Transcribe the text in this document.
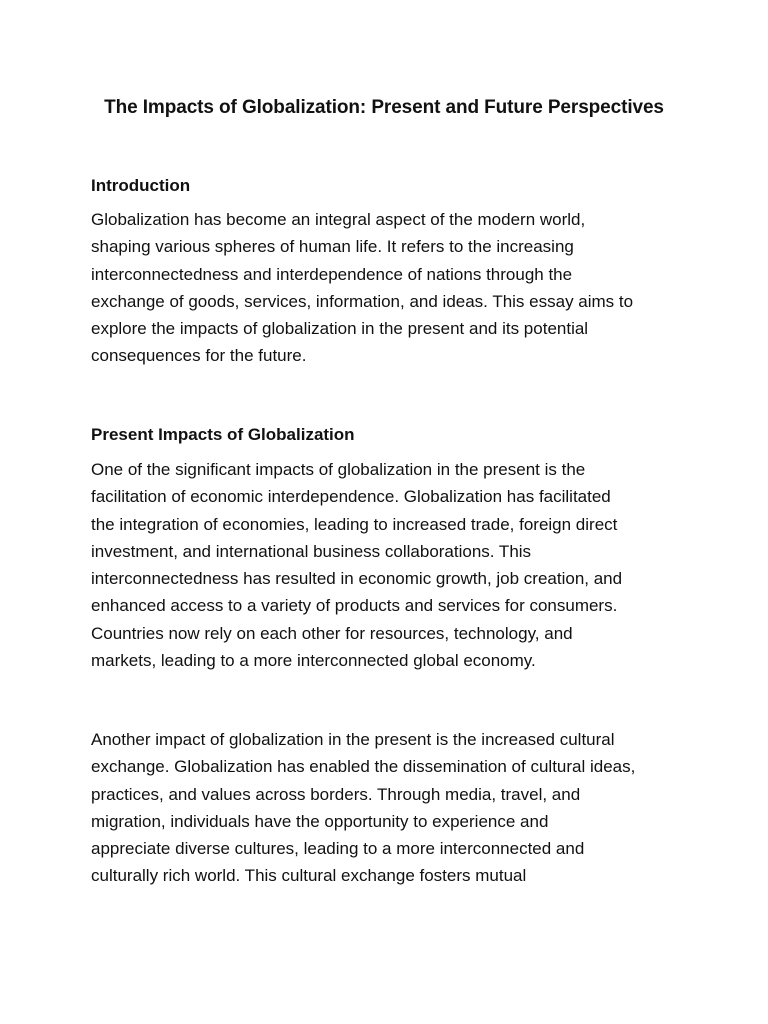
The Impacts of Globalization: Present and Future Perspectives
Introduction

Globalization has become an integral aspect of the modern world,
shaping various spheres of human life. It refers to the increasing
interconnectedness and interdependence of nations through the
exchange of goods, services, information, and ideas. This essay aims to
explore the impacts of globalization in the present and its potential
consequences for the future.

Present Impacts of Globalization

One of the significant impacts of globalization in the present is the
facilitation of economic interdependence. Globalization has facilitated
the integration of economies, leading to increased trade, foreign direct
investment, and international business collaborations. This
interconnectedness has resulted in economic growth, job creation, and
enhanced access to a variety of products and services for consumers.
Countries now rely on each other for resources, technology, and
markets, leading to a more interconnected global economy.

Another impact of globalization in the present is the increased cultural
exchange. Globalization has enabled the dissemination of cultural ideas,
practices, and values across borders. Through media, travel, and
migration, individuals have the opportunity to experience and
appreciate diverse cultures, leading to a more interconnected and
culturally rich world. This cultural exchange fosters mutual
